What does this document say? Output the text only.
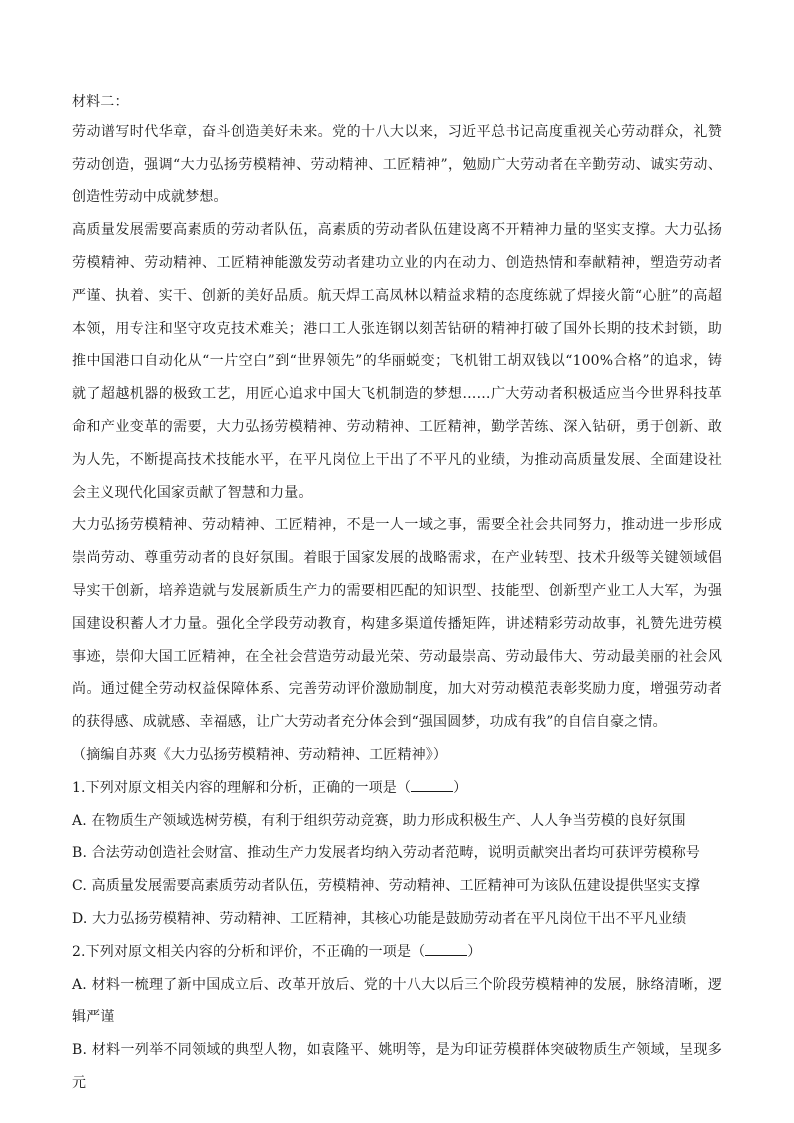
材料二：

劳动谱写时代华章，奋斗创造美好未来。党的十八大以来，习近平总书记高度重视关心劳动群众，礼赞劳动创造，强调“大力弘扬劳模精神、劳动精神、工匠精神”，勉励广大劳动者在辛勤劳动、诚实劳动、创造性劳动中成就梦想。

高质量发展需要高素质的劳动者队伍，高素质的劳动者队伍建设离不开精神力量的坚实支撑。大力弘扬劳模精神、劳动精神、工匠精神能激发劳动者建功立业的内在动力、创造热情和奉献精神，塑造劳动者严谨、执着、实干、创新的美好品质。航天焊工高凤林以精益求精的态度练就了焊接火箭“心脏”的高超本领，用专注和坚守攻克技术难关；港口工人张连钢以刻苦钻研的精神打破了国外长期的技术封锁，助推中国港口自动化从“一片空白”到“世界领先”的华丽蜕变；飞机钳工胡双钱以“100%合格”的追求，铸就了超越机器的极致工艺，用匠心追求中国大飞机制造的梦想……广大劳动者积极适应当今世界科技革命和产业变革的需要，大力弘扬劳模精神、劳动精神、工匠精神，勤学苦练、深入钻研，勇于创新、敢为人先，不断提高技术技能水平，在平凡岗位上干出了不平凡的业绩，为推动高质量发展、全面建设社会主义现代化国家贡献了智慧和力量。

大力弘扬劳模精神、劳动精神、工匠精神，不是一人一域之事，需要全社会共同努力，推动进一步形成崇尚劳动、尊重劳动者的良好氛围。着眼于国家发展的战略需求，在产业转型、技术升级等关键领域倡导实干创新，培养造就与发展新质生产力的需要相匹配的知识型、技能型、创新型产业工人大军，为强国建设积蓄人才力量。强化全学段劳动教育，构建多渠道传播矩阵，讲述精彩劳动故事，礼赞先进劳模事迹，崇仰大国工匠精神，在全社会营造劳动最光荣、劳动最崇高、劳动最伟大、劳动最美丽的社会风尚。通过健全劳动权益保障体系、完善劳动评价激励制度，加大对劳动模范表彰奖励力度，增强劳动者的获得感、成就感、幸福感，让广大劳动者充分体会到“强国圆梦，功成有我”的自信自豪之情。

（摘编自苏爽《大力弘扬劳模精神、劳动精神、工匠精神》）

1.下列对原文相关内容的理解和分析，正确的一项是（	）

A. 在物质生产领域选树劳模，有利于组织劳动竞赛，助力形成积极生产、人人争当劳模的良好氛围

B. 合法劳动创造社会财富、推动生产力发展者均纳入劳动者范畴，说明贡献突出者均可获评劳模称号

C. 高质量发展需要高素质劳动者队伍，劳模精神、劳动精神、工匠精神可为该队伍建设提供坚实支撑

D. 大力弘扬劳模精神、劳动精神、工匠精神，其核心功能是鼓励劳动者在平凡岗位干出不平凡业绩

2.下列对原文相关内容的分析和评价，不正确的一项是（	）

A. 材料一梳理了新中国成立后、改革开放后、党的十八大以后三个阶段劳模精神的发展，脉络清晰，逻辑严谨

B. 材料一列举不同领域的典型人物，如袁隆平、姚明等，是为印证劳模群体突破物质生产领域，呈现多元
